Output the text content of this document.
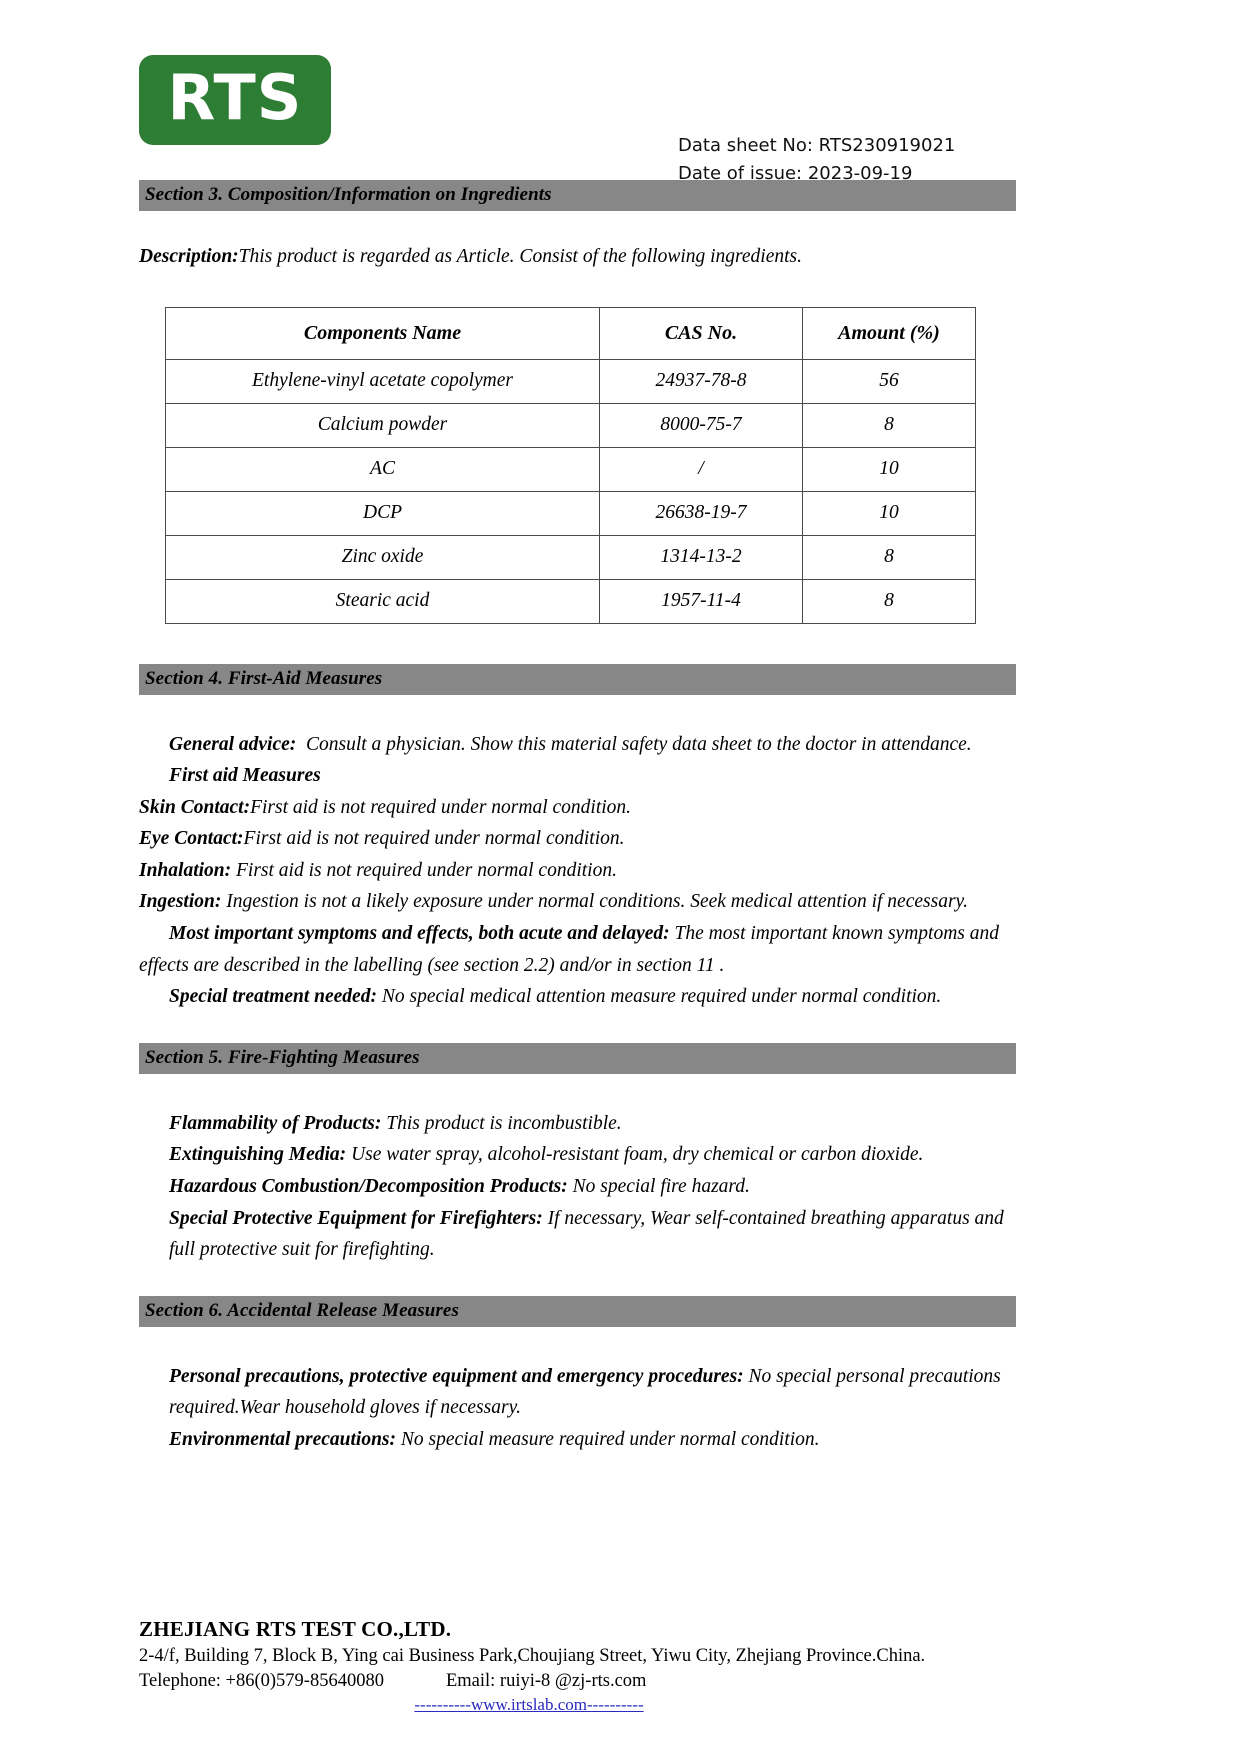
RTS
Data sheet No: RTS230919021
Date of issue: 2023-09-19
Section 3. Composition/Information on Ingredients

Description:This product is regarded as Article. Consist of the following ingredients.

Components Name	CAS No.	Amount (%)
Ethylene-vinyl acetate copolymer	24937-78-8	56
Calcium powder	8000-75-7	8
AC	/	10
DCP	26638-19-7	10
Zinc oxide	1314-13-2	8
Stearic acid	1957-11-4	8
Section 4. First-Aid Measures

General advice: Consult a physician. Show this material safety data sheet to the doctor in attendance.

First aid Measures

Skin Contact:First aid is not required under normal condition.

Eye Contact:First aid is not required under normal condition.

Inhalation: First aid is not required under normal condition.

Ingestion: Ingestion is not a likely exposure under normal conditions. Seek medical attention if necessary.

Most important symptoms and effects, both acute and delayed: The most important known symptoms and effects are described in the labelling (see section 2.2) and/or in section 11 .

Special treatment needed: No special medical attention measure required under normal condition.

Section 5. Fire-Fighting Measures

Flammability of Products: This product is incombustible.

Extinguishing Media: Use water spray, alcohol-resistant foam, dry chemical or carbon dioxide.

Hazardous Combustion/Decomposition Products: No special fire hazard.

Special Protective Equipment for Firefighters: If necessary, Wear self-contained breathing apparatus and full protective suit for firefighting.

Section 6. Accidental Release Measures

Personal precautions, protective equipment and emergency procedures: No special personal precautions required.Wear household gloves if necessary.

Environmental precautions: No special measure required under normal condition.

ZHEJIANG RTS TEST CO.,LTD.

2-4/f, Building 7, Block B, Ying cai Business Park,Choujiang Street, Yiwu City, Zhejiang Province.China.

Telephone: +86(0)579-85640080	Email: ruiyi-8 @zj-rts.com

----------www.irtslab.com----------
